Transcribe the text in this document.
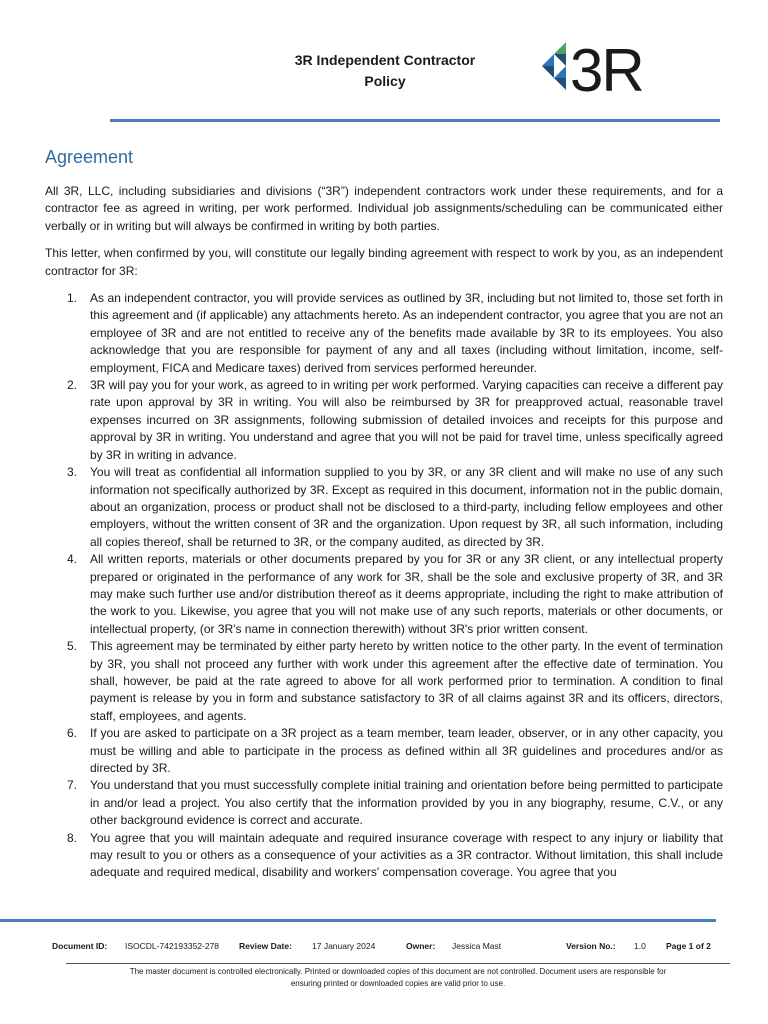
3R Independent Contractor
Policy	3R
Agreement

All 3R, LLC, including subsidiaries and divisions (“3R”) independent contractors work under these requirements, and for a contractor fee as agreed in writing, per work performed. Individual job assignments/scheduling can be communicated either verbally or in writing but will always be confirmed in writing by both parties.

This letter, when confirmed by you, will constitute our legally binding agreement with respect to work by you, as an independent contractor for 3R:

1. As an independent contractor, you will provide services as outlined by 3R, including but not limited to, those set forth in this agreement and (if applicable) any attachments hereto. As an independent contractor, you agree that you are not an employee of 3R and are not entitled to receive any of the benefits made available by 3R to its employees. You also acknowledge that you are responsible for payment of any and all taxes (including without limitation, income, self-employment, FICA and Medicare taxes) derived from services performed hereunder.
2. 3R will pay you for your work, as agreed to in writing per work performed. Varying capacities can receive a different pay rate upon approval by 3R in writing. You will also be reimbursed by 3R for preapproved actual, reasonable travel expenses incurred on 3R assignments, following submission of detailed invoices and receipts for this purpose and approval by 3R in writing. You understand and agree that you will not be paid for travel time, unless specifically agreed by 3R in writing in advance.
3. You will treat as confidential all information supplied to you by 3R, or any 3R client and will make no use of any such information not specifically authorized by 3R. Except as required in this document, information not in the public domain, about an organization, process or product shall not be disclosed to a third-party, including fellow employees and other employers, without the written consent of 3R and the organization. Upon request by 3R, all such information, including all copies thereof, shall be returned to 3R, or the company audited, as directed by 3R.
4. All written reports, materials or other documents prepared by you for 3R or any 3R client, or any intellectual property prepared or originated in the performance of any work for 3R, shall be the sole and exclusive property of 3R, and 3R may make such further use and/or distribution thereof as it deems appropriate, including the right to make attribution of the work to you. Likewise, you agree that you will not make use of any such reports, materials or other documents, or intellectual property, (or 3R's name in connection therewith) without 3R's prior written consent.
5. This agreement may be terminated by either party hereto by written notice to the other party. In the event of termination by 3R, you shall not proceed any further with work under this agreement after the effective date of termination. You shall, however, be paid at the rate agreed to above for all work performed prior to termination. A condition to final payment is release by you in form and substance satisfactory to 3R of all claims against 3R and its officers, directors, staff, employees, and agents.
6. If you are asked to participate on a 3R project as a team member, team leader, observer, or in any other capacity, you must be willing and able to participate in the process as defined within all 3R guidelines and procedures and/or as directed by 3R.
7. You understand that you must successfully complete initial training and orientation before being permitted to participate in and/or lead a project. You also certify that the information provided by you in any biography, resume, C.V., or any other background evidence is correct and accurate.
8. You agree that you will maintain adequate and required insurance coverage with respect to any injury or liability that may result to you or others as a consequence of your activities as a 3R contractor. Without limitation, this shall include adequate and required medical, disability and workers' compensation coverage. You agree that you
Document ID: ISOCDL-742193352-278 Review Date: 17 January 2024	Owner: Jessica Mast	Version No.: 1.0 Page 1 of 2
The master document is controlled electronically. Printed or downloaded copies of this document are not controlled. Document users are responsible for
ensuring printed or downloaded copies are valid prior to use.
